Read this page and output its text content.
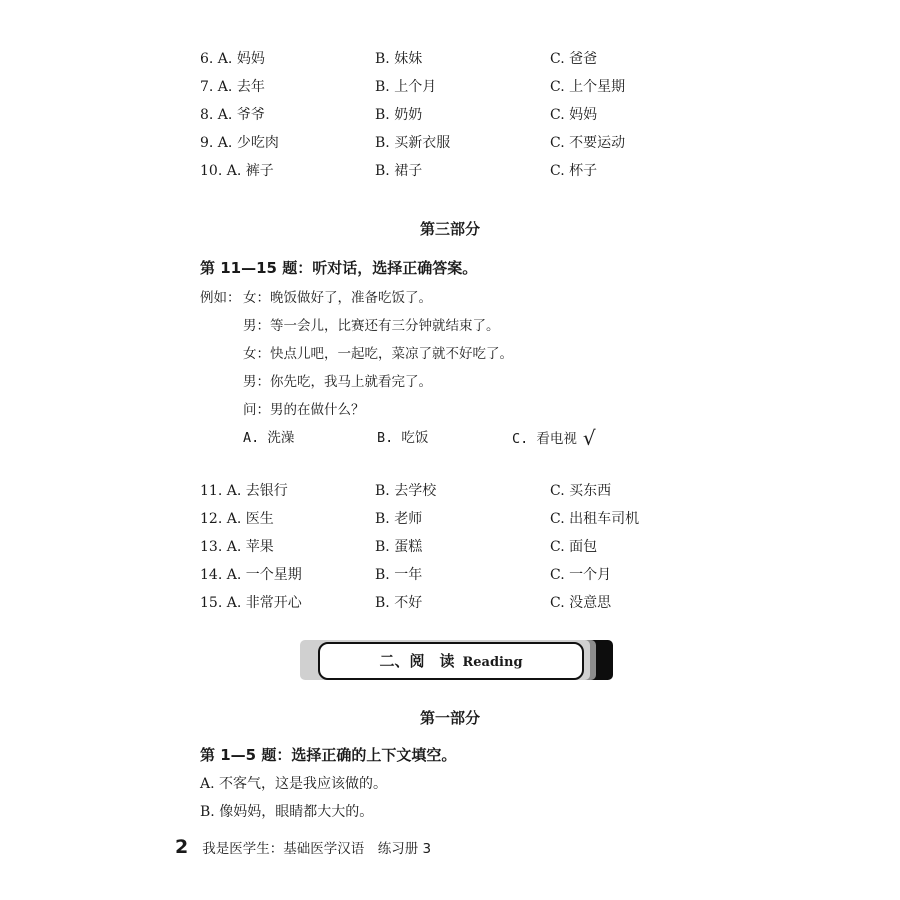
6. A. 妈妈	B. 妹妹	C. 爸爸
7. A. 去年	B. 上个月	C. 上个星期
8. A. 爷爷	B. 奶奶	C. 妈妈
9. A. 少吃肉	B. 买新衣服	C. 不要运动
10. A. 裤子	B. 裙子	C. 杯子
第三部分
第 11—15 题：听对话，选择正确答案。
例如： 女：晚饭做好了，准备吃饭了。
男：等一会儿，比赛还有三分钟就结束了。
女：快点儿吧，一起吃，菜凉了就不好吃了。
男：你先吃，我马上就看完了。
问：男的在做什么？
A. 洗澡	B. 吃饭	C. 看电视 √
11. A. 去银行	B. 去学校	C. 买东西
12. A. 医生	B. 老师	C. 出租车司机
13. A. 苹果	B. 蛋糕	C. 面包
14. A. 一个星期	B. 一年	C. 一个月
15. A. 非常开心	B. 不好	C. 没意思
二、阅　读 Reading
第一部分
第 1—5 题：选择正确的上下文填空。
A. 不客气，这是我应该做的。
B. 像妈妈，眼睛都大大的。
2 我是医学生：基础医学汉语　练习册 3
